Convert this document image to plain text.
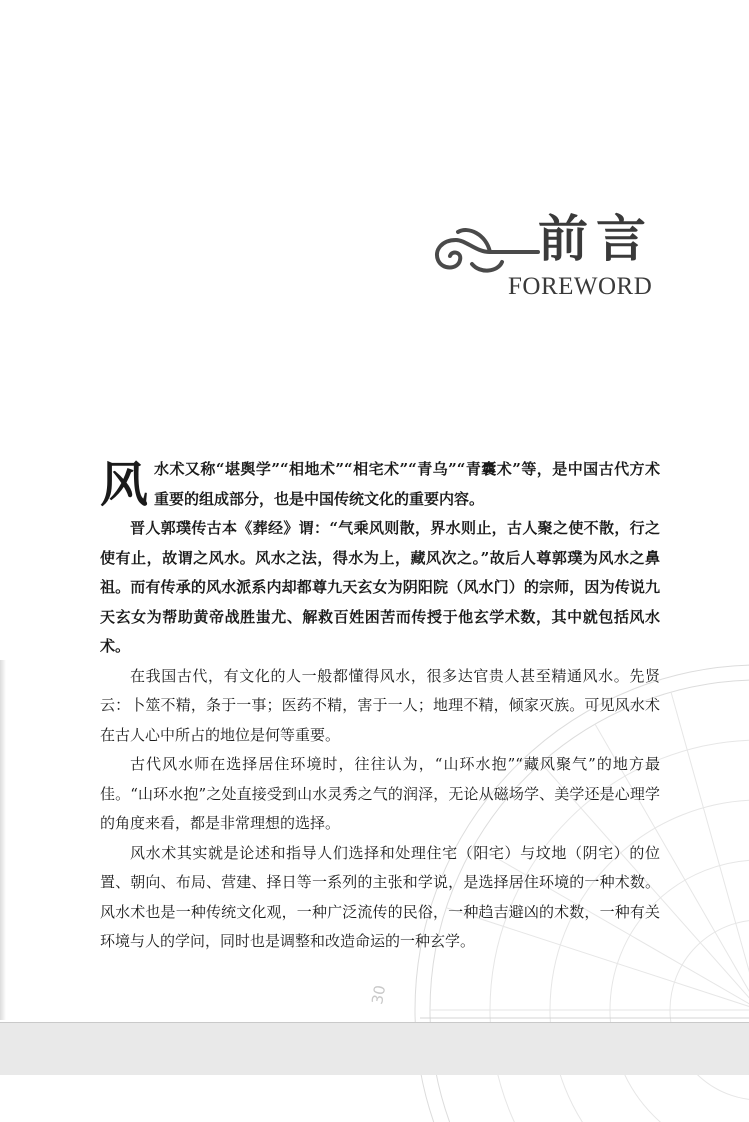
30
前言
FOREWORD

风水术又称“堪舆学”“相地术”“相宅术”“青乌”“青囊术”等，是中国古代方术重要的组成部分，也是中国传统文化的重要内容。

晋人郭璞传古本《葬经》谓：“气乘风则散，界水则止，古人聚之使不散，行之使有止，故谓之风水。风水之法，得水为上，藏风次之。”故后人尊郭璞为风水之鼻祖。而有传承的风水派系内却都尊九天玄女为阴阳院（风水门）的宗师，因为传说九天玄女为帮助黄帝战胜蚩尤、解救百姓困苦而传授于他玄学术数，其中就包括风水术。

在我国古代，有文化的人一般都懂得风水，很多达官贵人甚至精通风水。先贤云：卜筮不精，条于一事；医药不精，害于一人；地理不精，倾家灭族。可见风水术在古人心中所占的地位是何等重要。

古代风水师在选择居住环境时，往往认为，“山环水抱”“藏风聚气”的地方最佳。“山环水抱”之处直接受到山水灵秀之气的润泽，无论从磁场学、美学还是心理学的角度来看，都是非常理想的选择。

风水术其实就是论述和指导人们选择和处理住宅（阳宅）与坟地（阴宅）的位置、朝向、布局、营建、择日等一系列的主张和学说，是选择居住环境的一种术数。风水术也是一种传统文化观，一种广泛流传的民俗，一种趋吉避凶的术数，一种有关环境与人的学问，同时也是调整和改造命运的一种玄学。
